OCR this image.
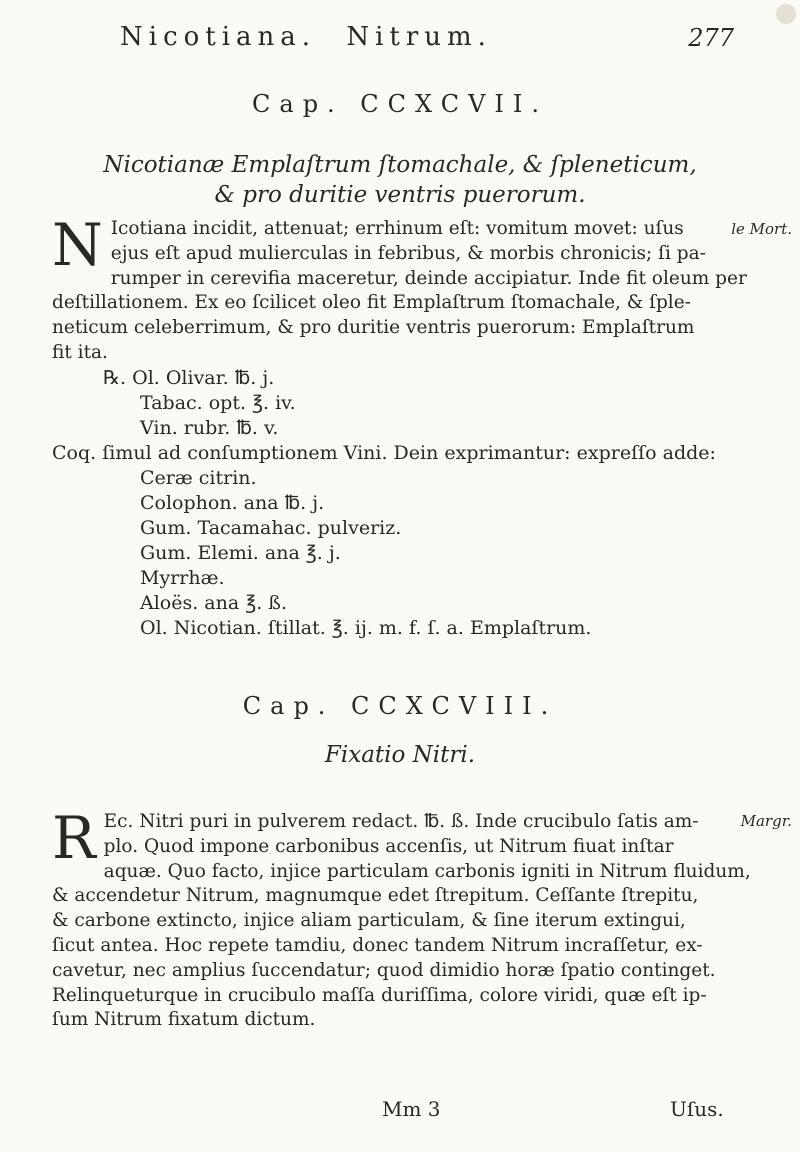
Nicotiana. Nitrum.	277
Cap. CCXCVII.
Nicotianæ Emplaſtrum ſtomachale, & ſpleneticum,
& pro duritie ventris puerorum.
N Icotiana incidit, attenuat; errhinum eſt: vomitum movet: uſus
ejus eſt apud mulierculas in febribus, & morbis chronicis; ſi pa-
rumper in cerevifia maceretur, deinde accipiatur. Inde fit oleum per
deſtillationem. Ex eo ſcilicet oleo fit Emplaſtrum ſtomachale, & ſple-
neticum celeberrimum, & pro duritie ventris puerorum: Emplaſtrum
fit ita.
le Mort.
℞. Ol. Olivar. ℔. j.
Tabac. opt. ℥. iv.
Vin. rubr. ℔. v.
Coq. ſimul ad conſumptionem Vini. Dein exprimantur: expreſſo adde:
Ceræ citrin.
Colophon. ana ℔. j.
Gum. Tacamahac. pulveriz.
Gum. Elemi. ana ℥. j.
Myrrhæ.
Aloës. ana ℥. ß.
Ol. Nicotian. ſtillat. ℥. ij. m. f. ſ. a. Emplaſtrum.
Cap. CCXCVIII.
Fixatio Nitri.
R Ec. Nitri puri in pulverem redact. ℔. ß. Inde crucibulo ſatis am-
plo. Quod impone carbonibus accenſis, ut Nitrum fiuat inſtar
aquæ. Quo facto, injice particulam carbonis igniti in Nitrum fluidum,
& accendetur Nitrum, magnumque edet ſtrepitum. Ceſſante ſtrepitu,
& carbone extincto, injice aliam particulam, & ſine iterum extingui,
ſicut antea. Hoc repete tamdiu, donec tandem Nitrum incraſſetur, ex-
cavetur, nec amplius ſuccendatur; quod dimidio horæ ſpatio continget.
Relinqueturque in crucibulo maſſa duriſſima, colore viridi, quæ eſt ip-
ſum Nitrum fixatum dictum.
Margr.
Mm 3	Uſus.
